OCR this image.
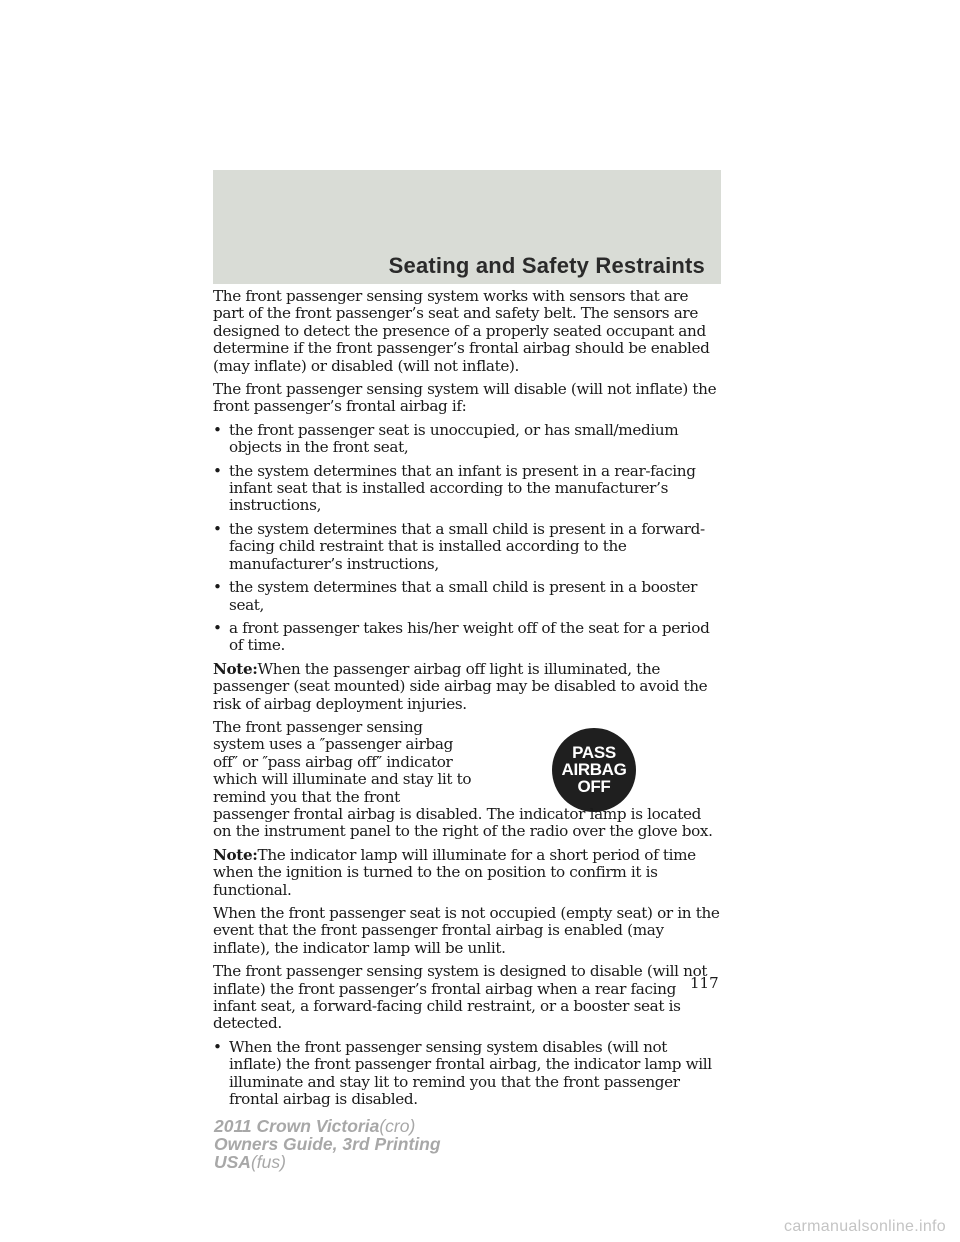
Seating and Safety Restraints

The front passenger sensing system works with sensors that are part of the front passenger’s seat and safety belt. The sensors are designed to detect the presence of a properly seated occupant and determine if the front passenger’s frontal airbag should be enabled (may inflate) or disabled (will not inflate).

The front passenger sensing system will disable (will not inflate) the front passenger’s frontal airbag if:

• the front passenger seat is unoccupied, or has small/medium objects in the front seat,
• the system determines that an infant is present in a rear-facing infant seat that is installed according to the manufacturer’s instructions,
• the system determines that a small child is present in a forward-facing child restraint that is installed according to the manufacturer’s instructions,
• the system determines that a small child is present in a booster seat,
• a front passenger takes his/her weight off of the seat for a period of time.

Note:When the passenger airbag off light is illuminated, the passenger (seat mounted) side airbag may be disabled to avoid the risk of airbag deployment injuries.

PASS
AIRBAG
OFF

The front passenger sensing system uses a ″passenger airbag off″ or ″pass airbag off″ indicator which will illuminate and stay lit to remind you that the front passenger frontal airbag is disabled. The indicator lamp is located on the instrument panel to the right of the radio over the glove box.

Note:The indicator lamp will illuminate for a short period of time when the ignition is turned to the on position to confirm it is functional.

When the front passenger seat is not occupied (empty seat) or in the event that the front passenger frontal airbag is enabled (may inflate), the indicator lamp will be unlit.

The front passenger sensing system is designed to disable (will not inflate) the front passenger’s frontal airbag when a rear facing infant seat, a forward-facing child restraint, or a booster seat is detected.

• When the front passenger sensing system disables (will not inflate) the front passenger frontal airbag, the indicator lamp will illuminate and stay lit to remind you that the front passenger frontal airbag is disabled.
117
2011 Crown Victoria(cro)
Owners Guide, 3rd Printing
USA(fus)
carmanualsonline.info
